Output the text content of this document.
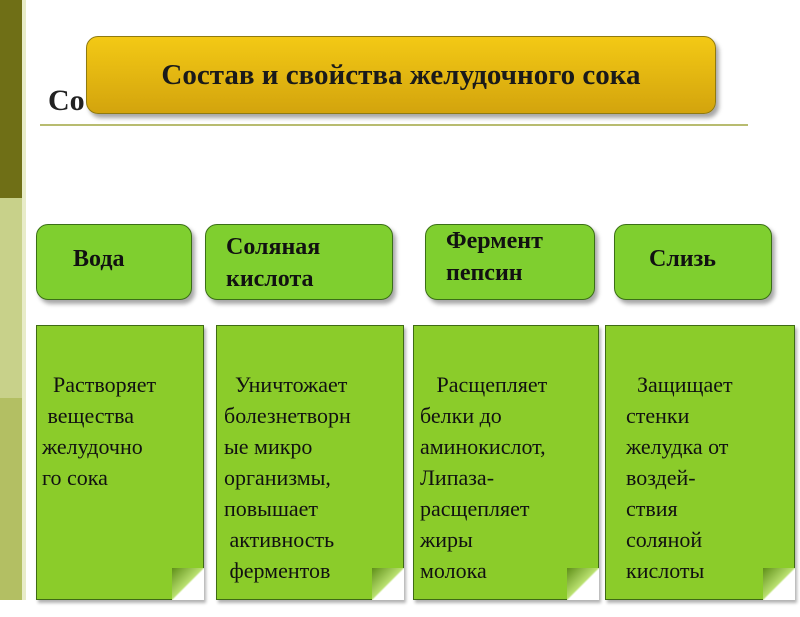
Со
Состав и свойства желудочного сока
Вода	Соляная
кислота
Фермент
пепсин
Слизь

Растворяет
вещества
желудочно
го сока

Уничтожает
болезнетворн
ые микро
организмы,
повышает
активность
ферментов

Расщепляет
белки до
аминокислот,
Липаза-
расщепляет
жиры
молока

Защищает
стенки
желудка от
воздей-
ствия
соляной
кислоты
